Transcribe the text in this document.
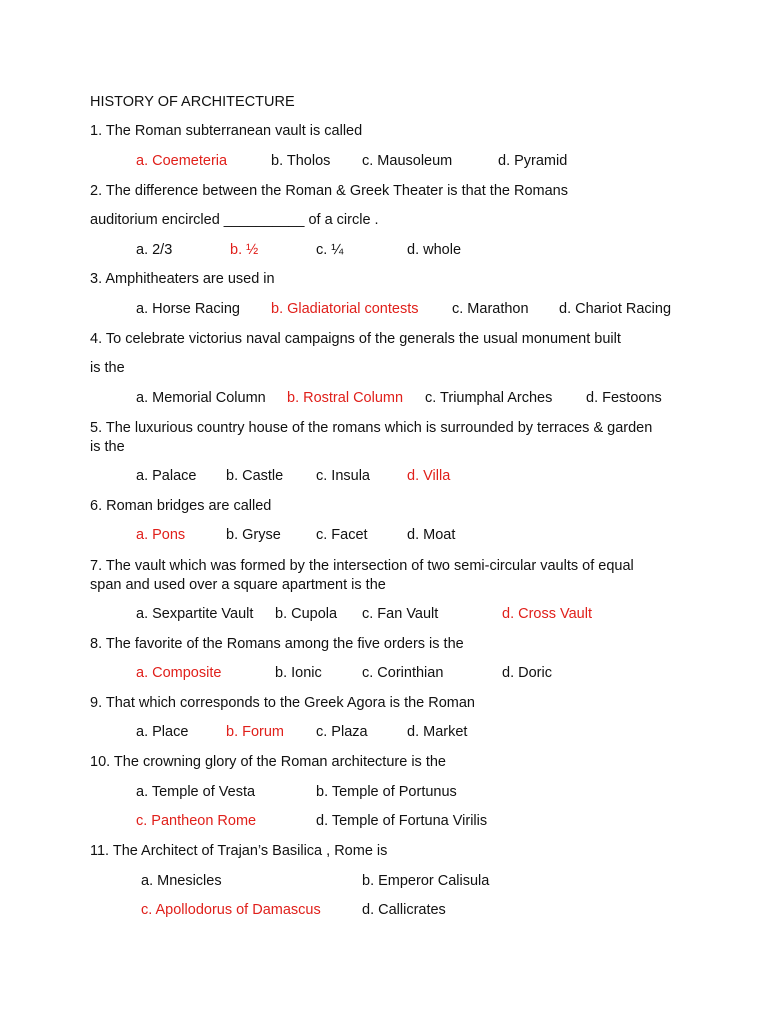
HISTORY OF ARCHITECTURE
1. The Roman subterranean vault is called
a. Coemeteria	b. Tholos c. Mausoleum	d. Pyramid
2. The difference between the Roman & Greek Theater is that the Romans
auditorium encircled __________ of a circle .
a. 2/3	b. ½	c. ¼	d. whole
3. Amphitheaters are used in
a. Horse Racing b. Gladiatorial contests c. Marathon d. Chariot Racing
4. To celebrate victorius naval campaigns of the generals the usual monument built
is the
a. Memorial Column b. Rostral Column c. Triumphal Arches d. Festoons
5. The luxurious country house of the romans which is surrounded by terraces & garden
is the
a. Palace b. Castle c. Insula	d. Villa
6. Roman bridges are called
a. Pons	b. Gryse c. Facet	d. Moat
7. The vault which was formed by the intersection of two semi-circular vaults of equal
span and used over a square apartment is the
a. Sexpartite Vault b. Cupola c. Fan Vault	d. Cross Vault
8. The favorite of the Romans among the five orders is the
a. Composite	b. Ionic	c. Corinthian	d. Doric
9. That which corresponds to the Greek Agora is the Roman
a. Place	b. Forum c. Plaza	d. Market
10. The crowning glory of the Roman architecture is the
a. Temple of Vesta	b. Temple of Portunus
c. Pantheon Rome	d. Temple of Fortuna Virilis
11. The Architect of Trajan’s Basilica , Rome is
a. Mnesicles	b. Emperor Calisula
c. Apollodorus of Damascus	d. Callicrates
